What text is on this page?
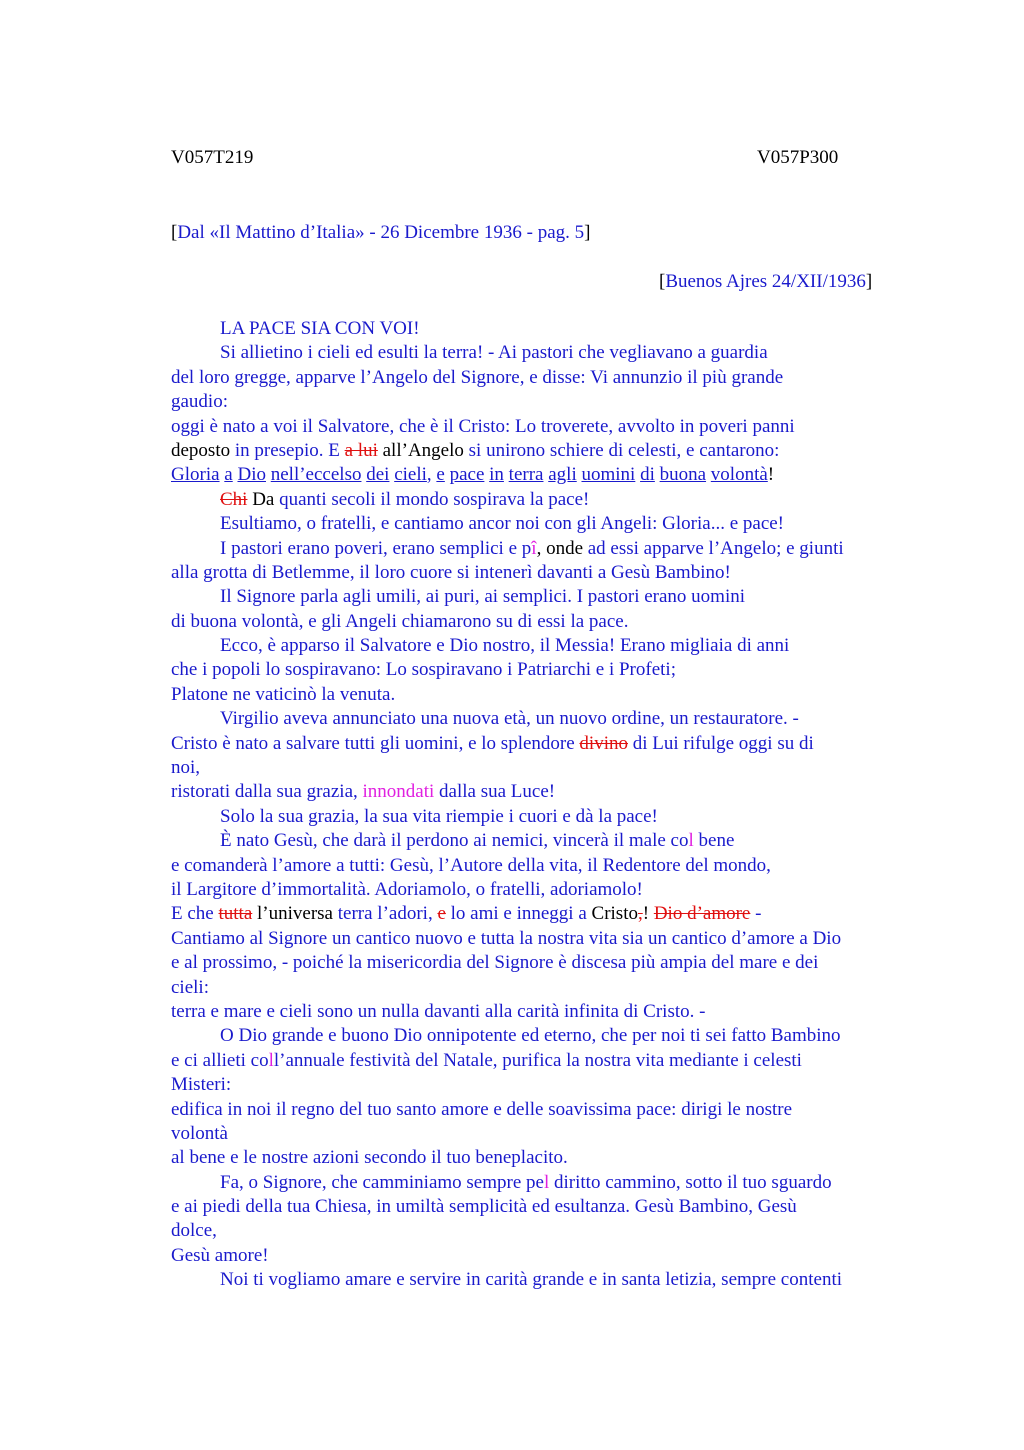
V057T219	V057P300
[Dal «Il Mattino d’Italia» - 26 Dicembre 1936 - pag. 5]
[Buenos Ajres 24/XII/1936]
LA PACE SIA CON VOI!
Si allietino i cieli ed esulti la terra! - Ai pastori che vegliavano a guardia
del loro gregge, apparve l’Angelo del Signore, e disse: Vi annunzio il più grande
gaudio:
oggi è nato a voi il Salvatore, che è il Cristo: Lo troverete, avvolto in poveri panni
deposto in presepio. E a lui all’Angelo si unirono schiere di celesti, e cantarono:
Gloria a Dio nell’eccelso dei cieli, e pace in terra agli uomini di buona volontà!
Chi Da quanti secoli il mondo sospirava la pace!
Esultiamo, o fratelli, e cantiamo ancor noi con gli Angeli: Gloria... e pace!
I pastori erano poveri, erano semplici e pî, onde ad essi apparve l’Angelo; e giunti
alla grotta di Betlemme, il loro cuore si intenerì davanti a Gesù Bambino!
Il Signore parla agli umili, ai puri, ai semplici. I pastori erano uomini
di buona volontà, e gli Angeli chiamarono su di essi la pace.
Ecco, è apparso il Salvatore e Dio nostro, il Messia! Erano migliaia di anni
che i popoli lo sospiravano: Lo sospiravano i Patriarchi e i Profeti;
Platone ne vaticinò la venuta.
Virgilio aveva annunciato una nuova età, un nuovo ordine, un restauratore. -
Cristo è nato a salvare tutti gli uomini, e lo splendore divino di Lui rifulge oggi su di
noi,
ristorati dalla sua grazia, innondati dalla sua Luce!
Solo la sua grazia, la sua vita riempie i cuori e dà la pace!
È nato Gesù, che darà il perdono ai nemici, vincerà il male col bene
e comanderà l’amore a tutti: Gesù, l’Autore della vita, il Redentore del mondo,
il Largitore d’immortalità. Adoriamolo, o fratelli, adoriamolo!
E che tutta l’universa terra l’adori, e lo ami e inneggi a Cristo,! Dio d’amore -
Cantiamo al Signore un cantico nuovo e tutta la nostra vita sia un cantico d’amore a Dio
e al prossimo, - poiché la misericordia del Signore è discesa più ampia del mare e dei
cieli:
terra e mare e cieli sono un nulla davanti alla carità infinita di Cristo. -
O Dio grande e buono Dio onnipotente ed eterno, che per noi ti sei fatto Bambino
e ci allieti coll’annuale festività del Natale, purifica la nostra vita mediante i celesti
Misteri:
edifica in noi il regno del tuo santo amore e delle soavissima pace: dirigi le nostre
volontà
al bene e le nostre azioni secondo il tuo beneplacito.
Fa, o Signore, che camminiamo sempre pel diritto cammino, sotto il tuo sguardo
e ai piedi della tua Chiesa, in umiltà semplicità ed esultanza. Gesù Bambino, Gesù
dolce,
Gesù amore!
Noi ti vogliamo amare e servire in carità grande e in santa letizia, sempre contenti
